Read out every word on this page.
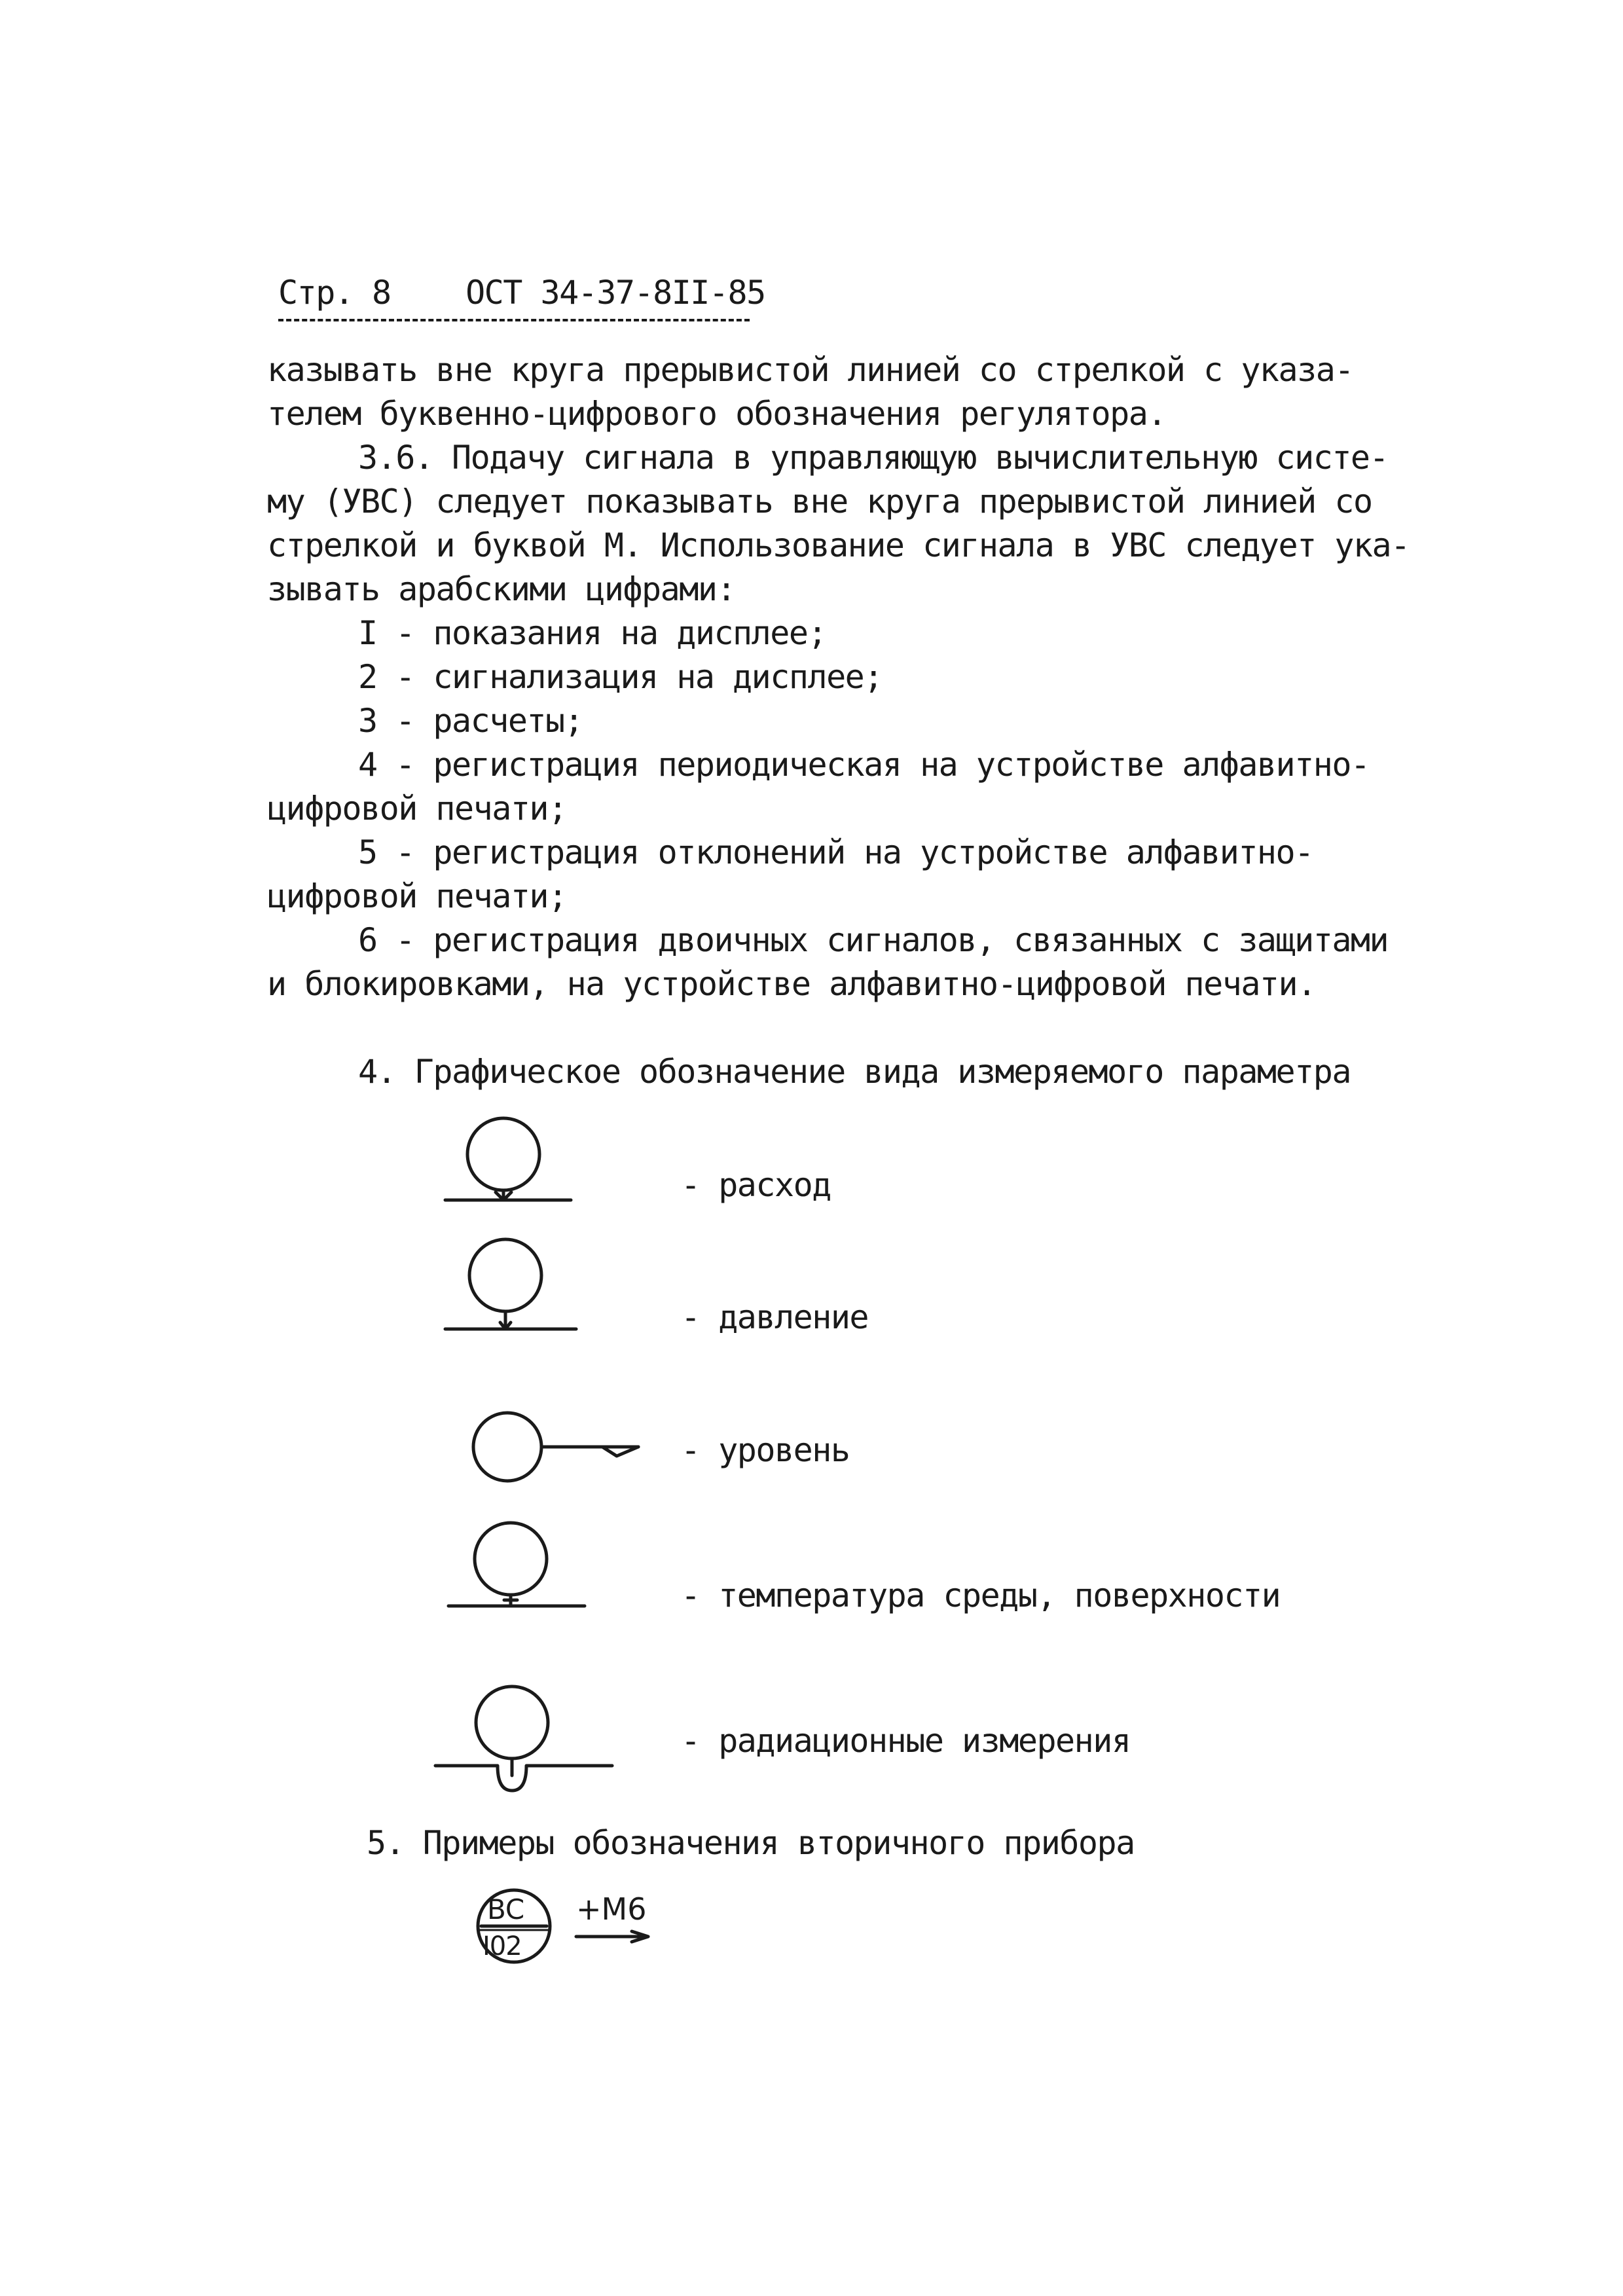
Стр. 8 ОСТ 34-37-8II-85
казывать вне круга прерывистой линией со стрелкой с указа-
телем буквенно-цифрового обозначения регулятора.
3.6. Подачу сигнала в управляющую вычислительную систе-
му (УВС) следует показывать вне круга прерывистой линией со
стрелкой и буквой М. Использование сигнала в УВС следует ука-
зывать арабскими цифрами:
I - показания на дисплее;
2 - сигнализация на дисплее;
3 - расчеты;
4 - регистрация периодическая на устройстве алфавитно-
цифровой печати;
5 - регистрация отклонений на устройстве алфавитно-
цифровой печати;
6 - регистрация двоичных сигналов, связанных с защитами
и блокировками, на устройстве алфавитно-цифровой печати.
4. Графическое обозначение вида измеряемого параметра
- расход
- давление
- уровень
- температура среды, поверхности
- радиационные измерения
5. Примеры обозначения вторичного прибора
ВС
I02
+М6
